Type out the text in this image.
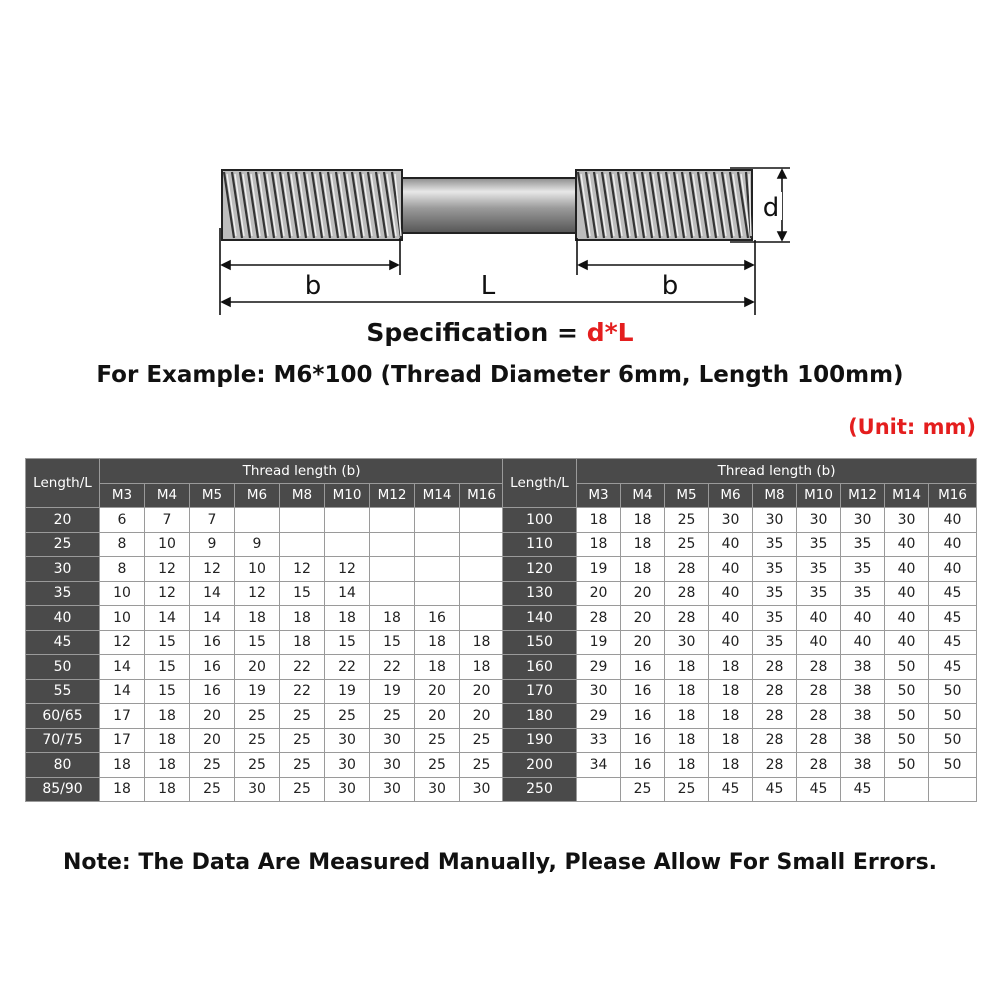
b	L	b
d
Specification = d*L
For Example: M6*100 (Thread Diameter 6mm, Length 100mm)
(Unit: mm)
Length/L	Thread length (b)								
	M3	M4	M5	M6	M8	M10	M12	M14	M16
20	6	7	7						
25	8	10	9	9					
30	8	12	12	10	12	12			
35	10	12	14	12	15	14			
40	10	14	14	18	18	18	18	16	
45	12	15	16	15	18	15	15	18	18
50	14	15	16	20	22	22	22	18	18
55	14	15	16	19	22	19	19	20	20
60/65	17	18	20	25	25	25	25	20	20
70/75	17	18	20	25	25	30	30	25	25
80	18	18	25	25	25	30	30	25	25
85/90	18	18	25	30	25	30	30	30	30
Length/L	Thread length (b)								
	M3	M4	M5	M6	M8	M10	M12	M14	M16
100	18	18	25	30	30	30	30	30	40
110	18	18	25	40	35	35	35	40	40
120	19	18	28	40	35	35	35	40	40
130	20	20	28	40	35	35	35	40	45
140	28	20	28	40	35	40	40	40	45
150	19	20	30	40	35	40	40	40	45
160	29	16	18	18	28	28	38	50	45
170	30	16	18	18	28	28	38	50	50
180	29	16	18	18	28	28	38	50	50
190	33	16	18	18	28	28	38	50	50
200	34	16	18	18	28	28	38	50	50
250		25	25	45	45	45	45		
Note: The Data Are Measured Manually, Please Allow For Small Errors.
